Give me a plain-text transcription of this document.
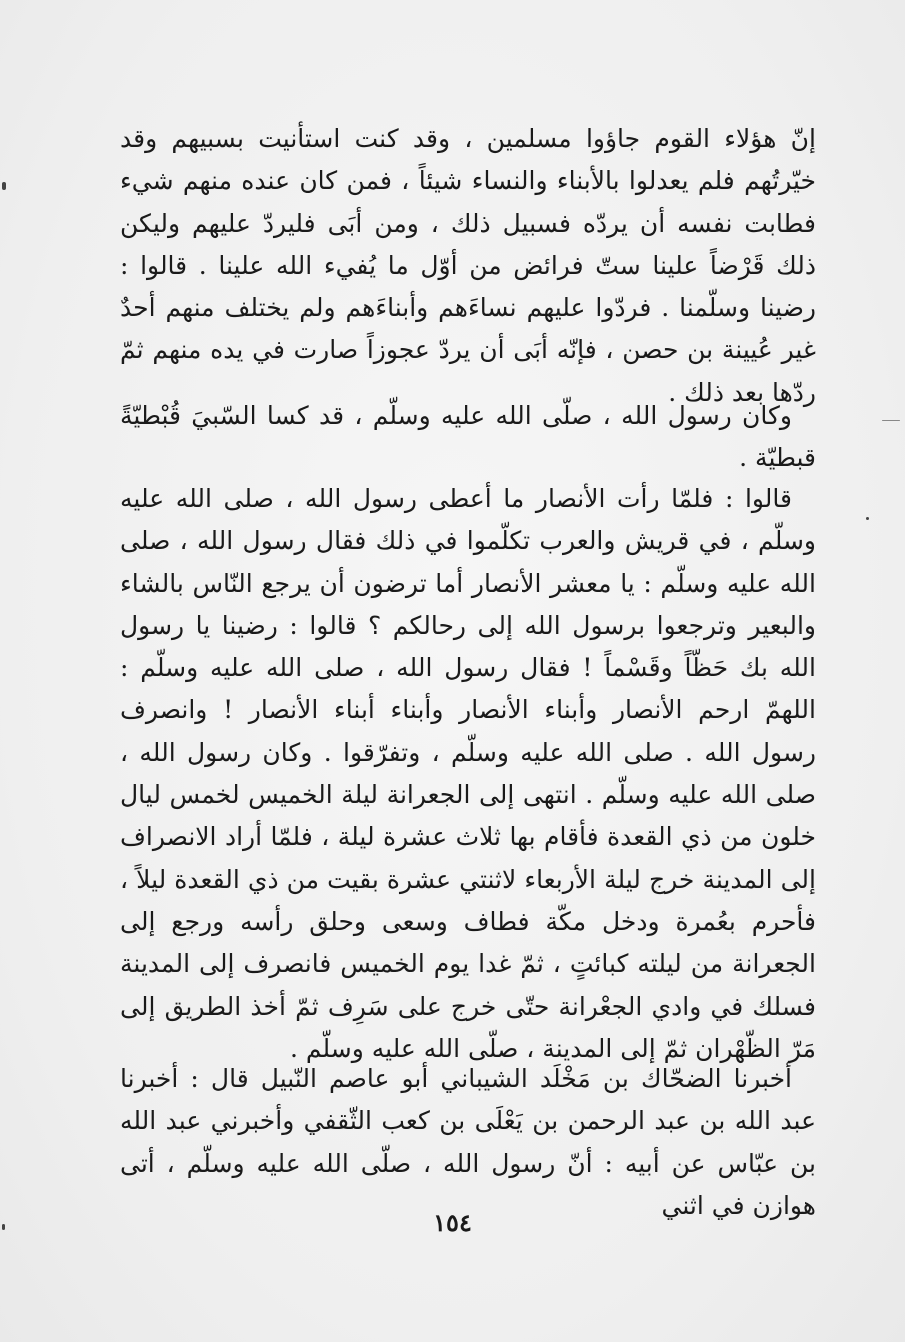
إنّ هؤلاء القوم جاؤوا مسلمين ، وقد كنت استأنيت بسبيهم وقد خيّرتُهم فلم يعدلوا بالأبناء والنساء شيئاً ، فمن كان عنده منهم شيء فطابت نفسه أن يردّه فسبيل ذلك ، ومن أبَى فليردّ عليهم وليكن ذلك قَرْضاً علينا ستّ فرائض من أوّل ما يُفيء الله علينا . قالوا : رضينا وسلّمنا . فردّوا عليهم نساءَهم وأبناءَهم ولم يختلف منهم أحدٌ غير عُيينة بن حصن ، فإنّه أبَى أن يردّ عجوزاً صارت في يده منهم ثمّ ردّها بعد ذلك .

وكان رسول الله ، صلّى الله عليه وسلّم ، قد كسا السّبيَ قُبْطيّةً قبطيّة .

قالوا : فلمّا رأت الأنصار ما أعطى رسول الله ، صلى الله عليه وسلّم ، في قريش والعرب تكلّموا في ذلك فقال رسول الله ، صلى الله عليه وسلّم : يا معشر الأنصار أما ترضون أن يرجع النّاس بالشاء والبعير وترجعوا برسول الله إلى رحالكم ؟ قالوا : رضينا يا رسول الله بك حَظّاً وقَسْماً ! فقال رسول الله ، صلى الله عليه وسلّم : اللهمّ ارحم الأنصار وأبناء الأنصار وأبناء أبناء الأنصار ! وانصرف رسول الله . صلى الله عليه وسلّم ، وتفرّقوا . وكان رسول الله ، صلى الله عليه وسلّم . انتهى إلى الجعرانة ليلة الخميس لخمس ليال خلون من ذي القعدة فأقام بها ثلاث عشرة ليلة ، فلمّا أراد الانصراف إلى المدينة خرج ليلة الأربعاء لاثنتي عشرة بقيت من ذي القعدة ليلاً ، فأحرم بعُمرة ودخل مكّة فطاف وسعى وحلق رأسه ورجع إلى الجعرانة من ليلته كبائتٍ ، ثمّ غدا يوم الخميس فانصرف إلى المدينة فسلك في وادي الجعْرانة حتّى خرج على سَرِف ثمّ أخذ الطريق إلى مَرّ الظّهْران ثمّ إلى المدينة ، صلّى الله عليه وسلّم .

أخبرنا الضحّاك بن مَخْلَد الشيباني أبو عاصم النّبيل قال : أخبرنا عبد الله بن عبد الرحمن بن يَعْلَى بن كعب الثّقفي وأخبرني عبد الله بن عبّاس عن أبيه : أنّ رسول الله ، صلّى الله عليه وسلّم ، أتى هوازن في اثني

١٥٤
